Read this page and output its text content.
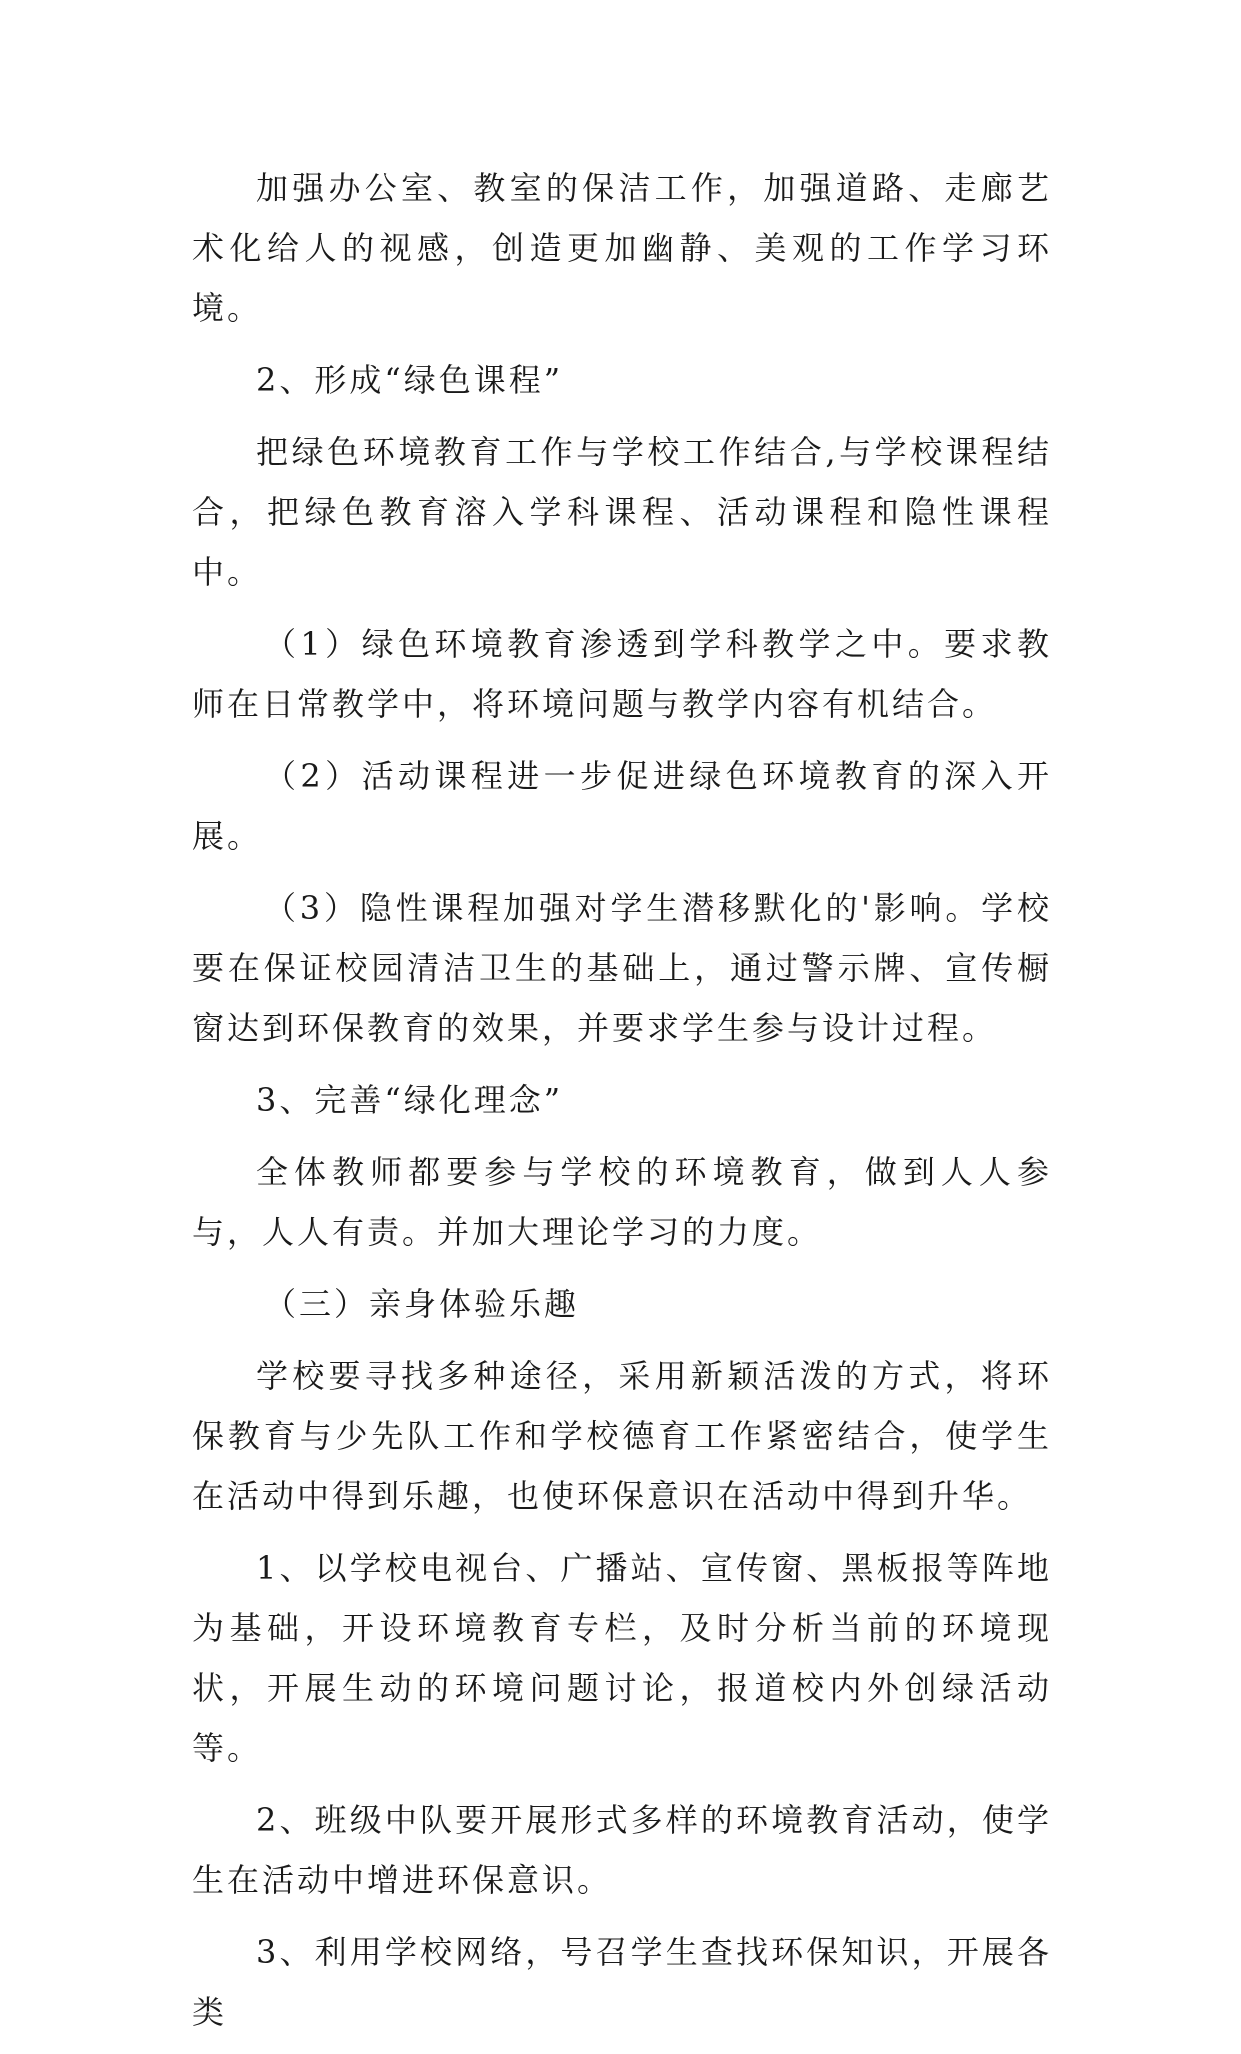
加强办公室、教室的保洁工作，加强道路、走廊艺术化给人的视感，创造更加幽静、美观的工作学习环境。

2、形成“绿色课程”

把绿色环境教育工作与学校工作结合,与学校课程结合，把绿色教育溶入学科课程、活动课程和隐性课程中。

（1）绿色环境教育渗透到学科教学之中。要求教师在日常教学中，将环境问题与教学内容有机结合。

（2）活动课程进一步促进绿色环境教育的深入开展。

（3）隐性课程加强对学生潜移默化的'影响。学校要在保证校园清洁卫生的基础上，通过警示牌、宣传橱窗达到环保教育的效果，并要求学生参与设计过程。

3、完善“绿化理念”

全体教师都要参与学校的环境教育，做到人人参与，人人有责。并加大理论学习的力度。

（三）亲身体验乐趣

学校要寻找多种途径，采用新颖活泼的方式，将环保教育与少先队工作和学校德育工作紧密结合，使学生在活动中得到乐趣，也使环保意识在活动中得到升华。

1、以学校电视台、广播站、宣传窗、黑板报等阵地为基础，开设环境教育专栏，及时分析当前的环境现状，开展生动的环境问题讨论，报道校内外创绿活动等。

2、班级中队要开展形式多样的环境教育活动，使学生在活动中增进环保意识。

3、利用学校网络，号召学生查找环保知识，开展各类
